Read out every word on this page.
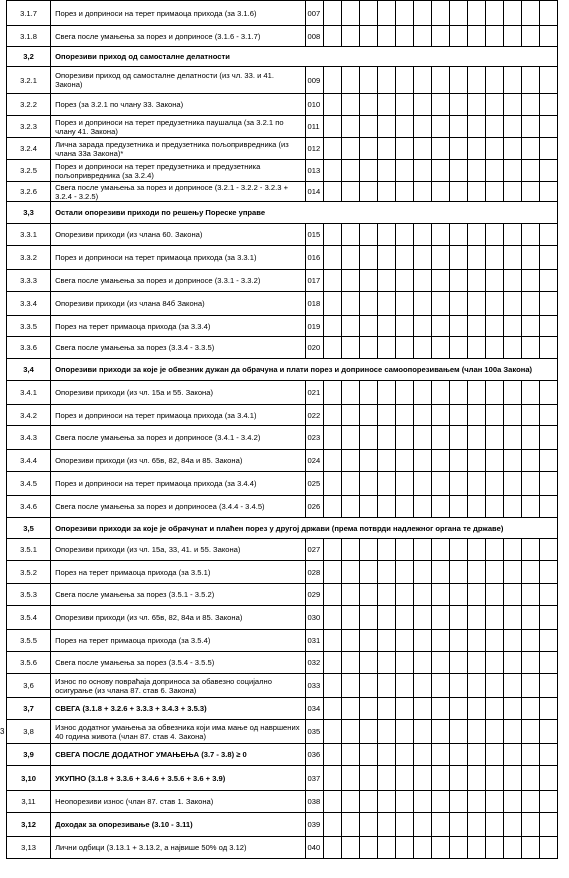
3.1.7	Порез и доприноси на терет примаоца прихода (за 3.1.6)	007													
3.1.8	Свега после умањења за порез и доприносе (3.1.6 - 3.1.7)	008													
3,2	Опорезиви приход од самосталне делатности														
3.2.1	Опорезиви приход од самосталне делатности (из чл. 33. и 41. Закона)	009													
3.2.2	Порез (за 3.2.1 по члану 33. Закона)	010													
3.2.3	Порез и доприноси на терет предузетника паушалца (за 3.2.1 по члану 41. Закона)	011													
3.2.4	Лична зарада предузетника и предузетника пољопривредника (из члана 33а Закона)*	012													
3.2.5	Порез и доприноси на терет предузетника и предузетника пољопривредника (за 3.2.4)	013													
3.2.6	Свега после умањења за порез и доприносе (3.2.1 - 3.2.2 - 3.2.3 + 3.2.4 - 3.2.5)	014													
3,3	Остали опорезиви приходи по решењу Пореске управе														
3.3.1	Опорезиви приходи (из члана 60. Закона)	015													
3.3.2	Порез и доприноси на терет примаоца прихода (за 3.3.1)	016													
3.3.3	Свега после умањења за порез и доприносе (3.3.1 - 3.3.2)	017													
3.3.4	Опорезиви приходи (из члана 84б Закона)	018													
3.3.5	Порез на терет примаоца прихода (за 3.3.4)	019													
3.3.6	Свега после умањења за порез (3.3.4 - 3.3.5)	020													
3,4	Опорезиви приходи за које је обвезник дужан да обрачуна и плати порез и доприносе самоопорезивањем (члан 100а Закона)														
3.4.1	Опорезиви приходи (из чл. 15а и 55. Закона)	021													
3.4.2	Порез и доприноси на терет примаоца прихода (за 3.4.1)	022													
3.4.3	Свега после умањења за порез и доприносе (3.4.1 - 3.4.2)	023													
3.4.4	Опорезиви приходи (из чл. 65в, 82, 84а и 85. Закона)	024													
3.4.5	Порез и доприноси на терет примаоца прихода (за 3.4.4)	025													
3.4.6	Свега после умањења за порез и доприносеа (3.4.4 - 3.4.5)	026													
3,5	Опорезиви приходи за које је обрачунат и плаћен порез у другој држави (према потврди надлежног органа те државе)														
3.5.1	Опорезиви приходи (из чл. 15а, 33, 41. и 55. Закона)	027													
3.5.2	Порез на терет примаоца прихода (за 3.5.1)	028													
3.5.3	Свега после умањења за порез (3.5.1 - 3.5.2)	029													
3.5.4	Опорезиви приходи (из чл. 65в, 82, 84а и 85. Закона)	030													
3.5.5	Порез на терет примаоца прихода (за 3.5.4)	031													
3.5.6	Свега после умањења за порез (3.5.4 - 3.5.5)	032													
3,6	Износ по основу повраћаја доприноса за обавезно социјално осигурање (из члана 87. став 6. Закона)	033													
3,7	СВЕГА (3.1.8 + 3.2.6 + 3.3.3 + 3.4.3 + 3.5.3)	034													
3,8	Износ додатног умањења за обвезника који има мање од навршених 40 година живота (члан 87. став 4. Закона)	035													
3,9	СВЕГА ПОСЛЕ ДОДАТНОГ УМАЊЕЊА (3.7 - 3.8) ≥ 0	036													
3,10	УКУПНО (3.1.8 + 3.3.6 + 3.4.6 + 3.5.6 + 3.6 + 3.9)	037													
3,11	Неопорезиви износ (члан 87. став 1. Закона)	038													
3,12	Доходак за опорезивање (3.10 - 3.11)	039													
3,13	Лични одбици (3.13.1 + 3.13.2, а највише 50% од 3.12)	040													
3
